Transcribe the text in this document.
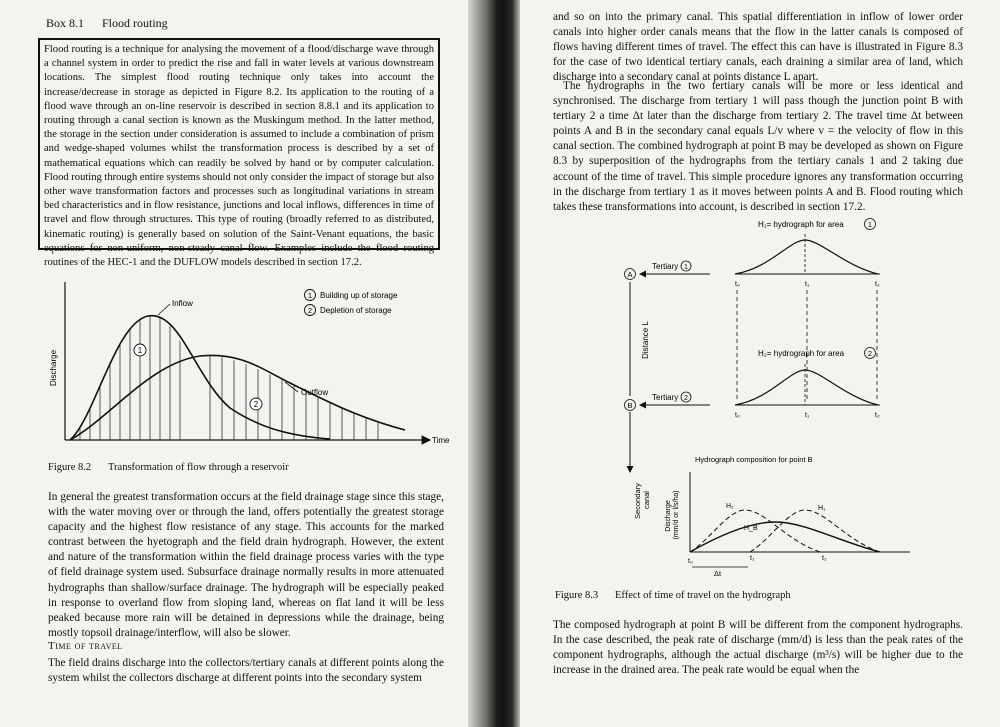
Box 8.1 Flood routing
Flood routing is a technique for analysing the movement of a flood/discharge wave through a channel system in order to predict the rise and fall in water levels at various downstream locations. The simplest flood routing technique only takes into account the increase/decrease in storage as depicted in Figure 8.2. Its application to the routing of a flood wave through an on-line reservoir is described in section 8.8.1 and its application to routing through a canal section is known as the Muskingum method. In the latter method, the storage in the section under consideration is assumed to include a combination of prism and wedge-shaped volumes whilst the transformation process is described by a set of mathematical equations which can readily be solved by hand or by computer calculation. Flood routing through entire systems should not only consider the impact of storage but also other wave transformation factors and processes such as longitudinal variations in stream bed characteristics and in flow resistance, junctions and local inflows, differences in time of travel and flow through structures. This type of routing (broadly referred to as distributed, kinematic routing) is generally based on solution of the Saint-Venant equations, the basic equations for non-uniform, non-steady canal flow. Examples include the flood routing routines of the HEC-1 and the DUFLOW models described in section 17.2.
Discharge
Time
Inflow
Outflow
1
2
1 Building up of storage
2 Depletion of storage
Figure 8.2 Transformation of flow through a reservoir
In general the greatest transformation occurs at the field drainage stage since this stage, with the water moving over or through the land, offers potentially the greatest storage capacity and the highest flow resistance of any stage. This accounts for the marked contrast between the hyetograph and the field drain hydrograph. However, the extent and nature of the transformation within the field drainage process varies with the type of field drainage system used. Subsurface drainage normally results in more attenuated hydrographs than shallow/surface drainage. The hydrograph will be especially peaked in response to overland flow from sloping land, whereas on flat land it will be less peaked because more rain will be detained in depressions while the drainage, being mostly topsoil drainage/interflow, will also be slower.
Time of travel
The field drains discharge into the collectors/tertiary canals at different points along the system whilst the collectors discharge at different points into the secondary system
and so on into the primary canal. This spatial differentiation in inflow of lower order canals into higher order canals means that the flow in the latter canals is composed of flows having different times of travel. The effect this can have is illustrated in Figure 8.3 for the case of two identical tertiary canals, each draining a similar area of land, which discharge into a secondary canal at points distance L apart.
The hydrographs in the two tertiary canals will be more or less identical and synchronised. The discharge from tertiary 1 will pass though the junction point B with tertiary 2 a time Δt later than the discharge from tertiary 2. The travel time Δt between points A and B in the secondary canal equals L/v where v = the velocity of flow in this canal section. The combined hydrograph at point B may be developed as shown on Figure 8.3 by superposition of the hydrographs from the tertiary canals 1 and 2 taking due account of the time of travel. This simple procedure ignores any transformation occurring in the discharge from tertiary 1 as it moves between points A and B. Flood routing which takes these transformations into account, is described in section 17.2.
H₁= hydrograph for area	1
A
Tertiary 1
t₀	t₁	t₂
Distance L	H₂= hydrograph for area	2
B
Tertiary 2
t₀	t₁	t₂
Secondary canal
Hydrograph composition for point B
Discharge (mm/d or l/s/ha)	H₂	H₁
H_B
t₀	t₁	t₂
Δt
Figure 8.3 Effect of time of travel on the hydrograph
The composed hydrograph at point B will be different from the component hydrographs. In the case described, the peak rate of discharge (mm/d) is less than the peak rates of the component hydrographs, although the actual discharge (m³/s) will be higher due to the increase in the drained area. The peak rate would be equal when the
